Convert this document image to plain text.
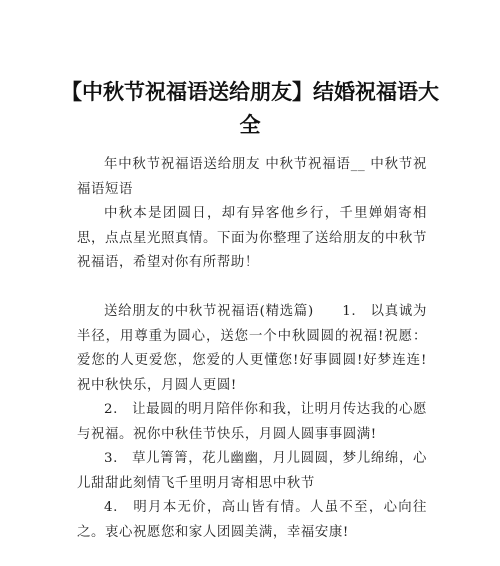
【中秋节祝福语送给朋友】结婚祝福语大全

年中秋节祝福语送给朋友 中秋节祝福语__ 中秋节祝福语短语

中秋本是团圆日，却有异客他乡行，千里婵娟寄相思，点点星光照真情。下面为你整理了送给朋友的中秋节祝福语，希望对你有所帮助！

送给朋友的中秋节祝福语(精选篇)　　1.　以真诚为半径，用尊重为圆心，送您一个中秋圆圆的祝福!祝愿：爱您的人更爱您，您爱的人更懂您!好事圆圆!好梦连连!祝中秋快乐，月圆人更圆!

2.　让最圆的明月陪伴你和我，让明月传达我的心愿与祝福。祝你中秋佳节快乐，月圆人圆事事圆满!

3.　草儿箐箐，花儿幽幽，月儿圆圆，梦儿绵绵，心儿甜甜此刻情飞千里明月寄相思中秋节

4.　明月本无价，高山皆有情。人虽不至，心向往之。衷心祝愿您和家人团圆美满，幸福安康!
